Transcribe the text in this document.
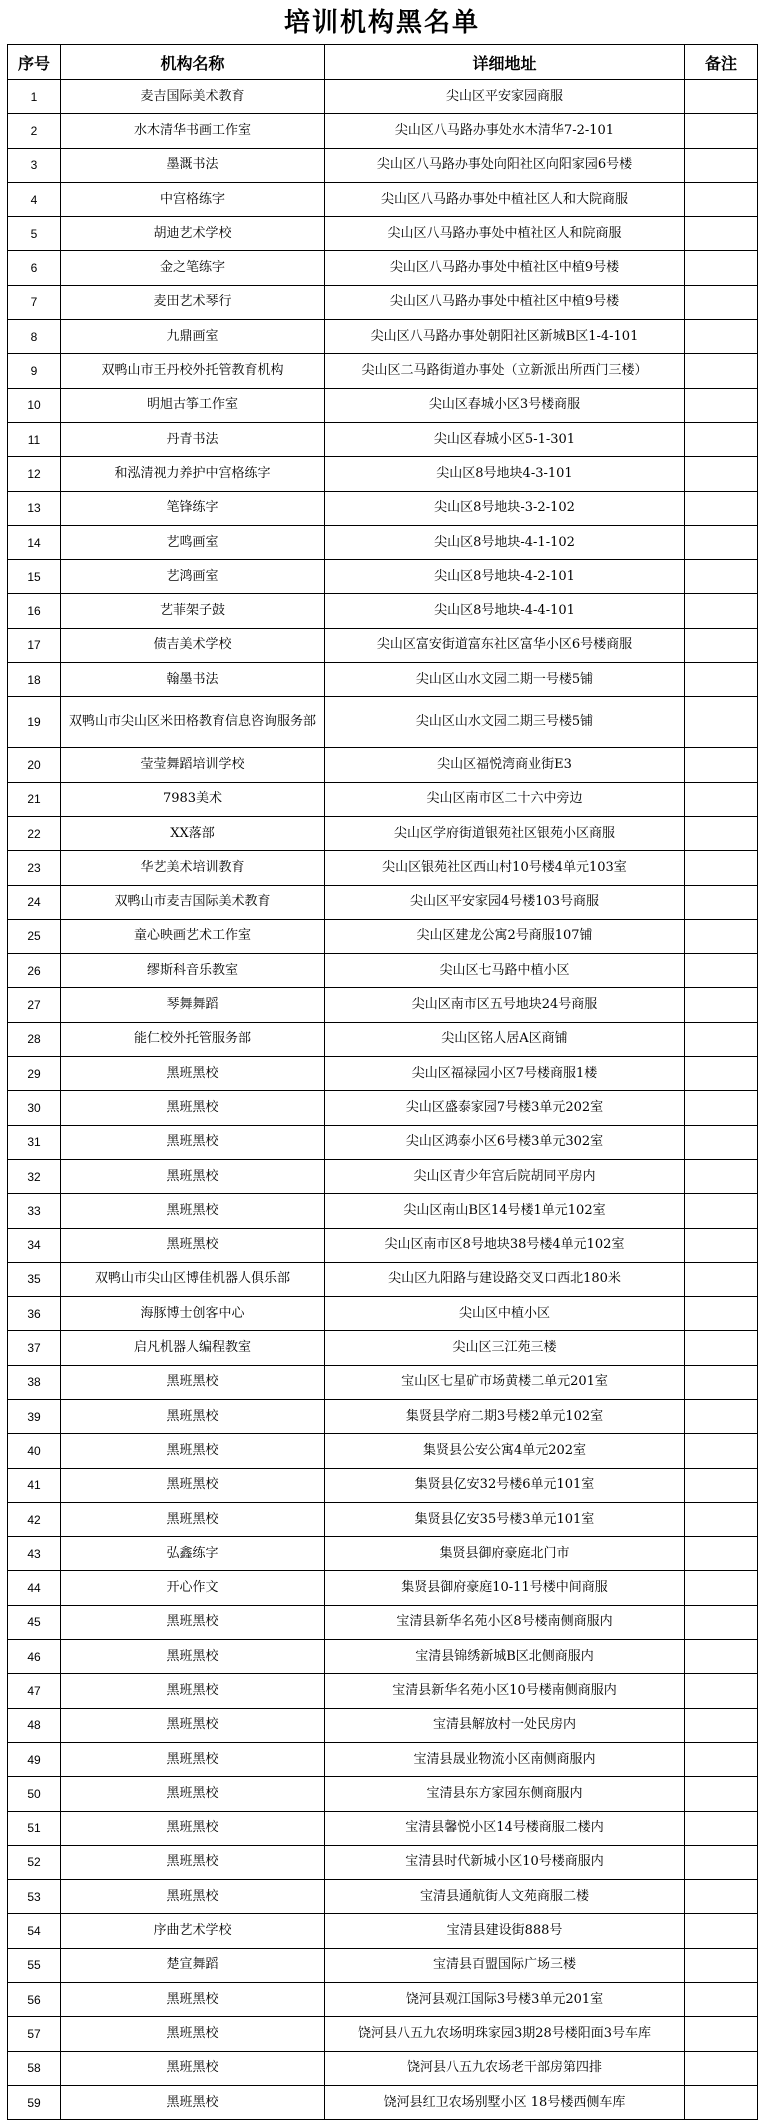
培训机构黑名单
序号	机构名称	详细地址	备注
1	麦吉国际美术教育	尖山区平安家园商服	
2	水木清华书画工作室	尖山区八马路办事处水木清华7-2-101	
3	墨溉书法	尖山区八马路办事处向阳社区向阳家园6号楼	
4	中宫格练字	尖山区八马路办事处中植社区人和大院商服	
5	胡迪艺术学校	尖山区八马路办事处中植社区人和院商服	
6	金之笔练字	尖山区八马路办事处中植社区中植9号楼	
7	麦田艺术琴行	尖山区八马路办事处中植社区中植9号楼	
8	九鼎画室	尖山区八马路办事处朝阳社区新城B区1-4-101	
9	双鸭山市王丹校外托管教育机构	尖山区二马路街道办事处（立新派出所西门三楼）	
10	明旭古筝工作室	尖山区春城小区3号楼商服	
11	丹青书法	尖山区春城小区5-1-301	
12	和泓清视力养护中宫格练字	尖山区8号地块4-3-101	
13	笔锋练字	尖山区8号地块-3-2-102	
14	艺鸣画室	尖山区8号地块-4-1-102	
15	艺鸿画室	尖山区8号地块-4-2-101	
16	艺菲架子鼓	尖山区8号地块-4-4-101	
17	债吉美术学校	尖山区富安街道富东社区富华小区6号楼商服	
18	翰墨书法	尖山区山水文园二期一号楼5铺	
19	双鸭山市尖山区米田格教育信息咨询服务部	尖山区山水文园二期三号楼5铺	
20	莹莹舞蹈培训学校	尖山区福悦湾商业街E3	
21	7983美术	尖山区南市区二十六中旁边	
22	XX落部	尖山区学府街道银苑社区银苑小区商服	
23	华艺美术培训教育	尖山区银苑社区西山村10号楼4单元103室	
24	双鸭山市麦吉国际美术教育	尖山区平安家园4号楼103号商服	
25	童心映画艺术工作室	尖山区建龙公寓2号商服107铺	
26	缪斯科音乐教室	尖山区七马路中植小区	
27	琴舞舞蹈	尖山区南市区五号地块24号商服	
28	能仁校外托管服务部	尖山区铭人居A区商铺	
29	黑班黑校	尖山区福禄园小区7号楼商服1楼	
30	黑班黑校	尖山区盛泰家园7号楼3单元202室	
31	黑班黑校	尖山区鸿泰小区6号楼3单元302室	
32	黑班黑校	尖山区青少年宫后院胡同平房内	
33	黑班黑校	尖山区南山B区14号楼1单元102室	
34	黑班黑校	尖山区南市区8号地块38号楼4单元102室	
35	双鸭山市尖山区博佳机器人俱乐部	尖山区九阳路与建设路交叉口西北180米	
36	海豚博士创客中心	尖山区中植小区	
37	启凡机器人编程教室	尖山区三江苑三楼	
38	黑班黑校	宝山区七星矿市场黄楼二单元201室	
39	黑班黑校	集贤县学府二期3号楼2单元102室	
40	黑班黑校	集贤县公安公寓4单元202室	
41	黑班黑校	集贤县亿安32号楼6单元101室	
42	黑班黑校	集贤县亿安35号楼3单元101室	
43	弘鑫练字	集贤县御府豪庭北门市	
44	开心作文	集贤县御府豪庭10-11号楼中间商服	
45	黑班黑校	宝清县新华名苑小区8号楼南侧商服内	
46	黑班黑校	宝清县锦绣新城B区北侧商服内	
47	黑班黑校	宝清县新华名苑小区10号楼南侧商服内	
48	黑班黑校	宝清县解放村一处民房内	
49	黑班黑校	宝清县晟业物流小区南侧商服内	
50	黑班黑校	宝清县东方家园东侧商服内	
51	黑班黑校	宝清县馨悦小区14号楼商服二楼内	
52	黑班黑校	宝清县时代新城小区10号楼商服内	
53	黑班黑校	宝清县通航街人文苑商服二楼	
54	序曲艺术学校	宝清县建设街888号	
55	楚宣舞蹈	宝清县百盟国际广场三楼	
56	黑班黑校	饶河县观江国际3号楼3单元201室	
57	黑班黑校	饶河县八五九农场明珠家园3期28号楼阳面3号车库	
58	黑班黑校	饶河县八五九农场老干部房第四排	
59	黑班黑校	饶河县红卫农场别墅小区 18号楼西侧车库	
